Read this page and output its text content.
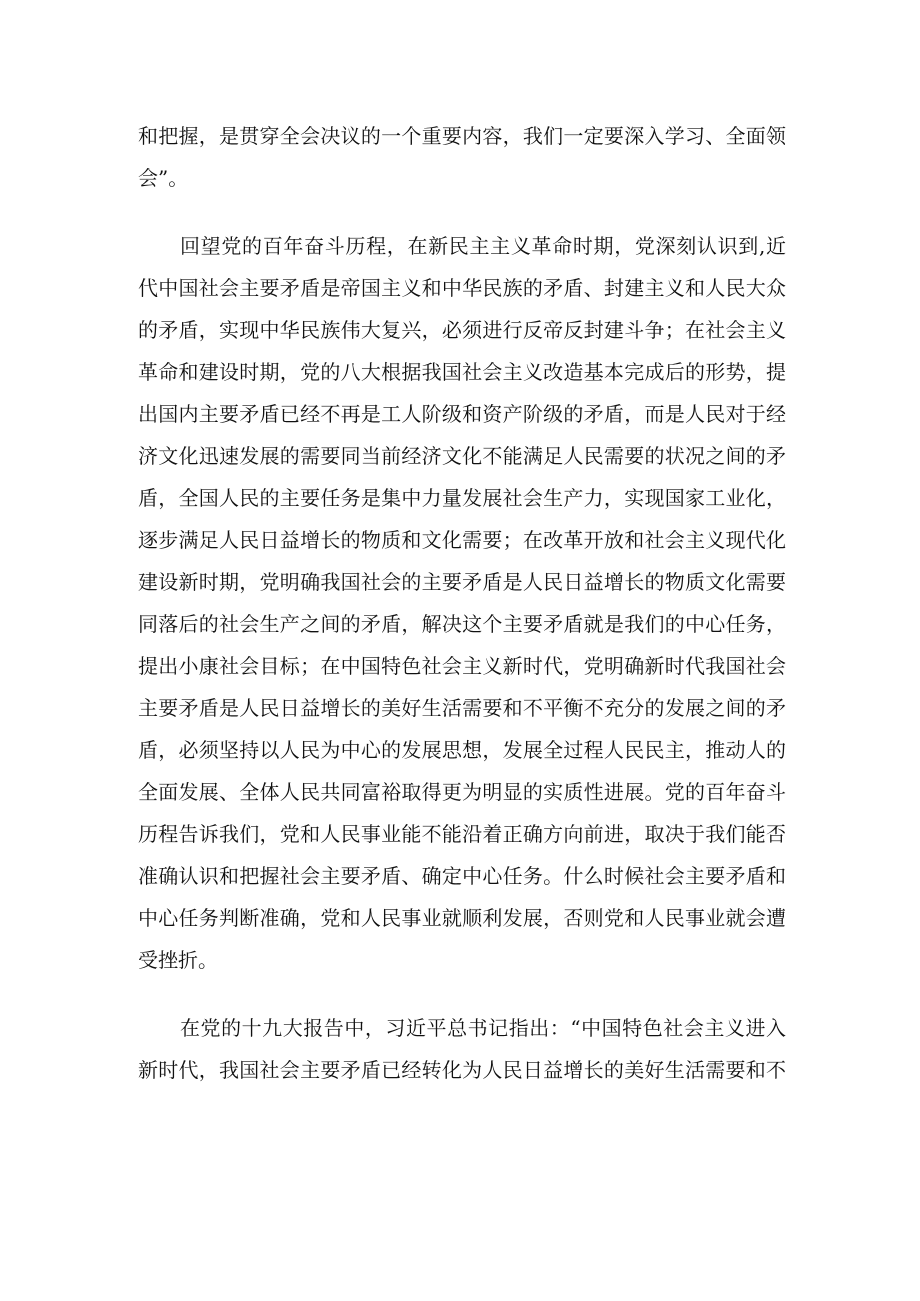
和把握，是贯穿全会决议的一个重要内容，我们一定要深入学习、全面领
会”。
回望党的百年奋斗历程，在新民主主义革命时期，党深刻认识到,近
代中国社会主要矛盾是帝国主义和中华民族的矛盾、封建主义和人民大众
的矛盾，实现中华民族伟大复兴，必须进行反帝反封建斗争；在社会主义
革命和建设时期，党的八大根据我国社会主义改造基本完成后的形势，提
出国内主要矛盾已经不再是工人阶级和资产阶级的矛盾，而是人民对于经
济文化迅速发展的需要同当前经济文化不能满足人民需要的状况之间的矛
盾，全国人民的主要任务是集中力量发展社会生产力，实现国家工业化，
逐步满足人民日益增长的物质和文化需要；在改革开放和社会主义现代化
建设新时期，党明确我国社会的主要矛盾是人民日益增长的物质文化需要
同落后的社会生产之间的矛盾，解决这个主要矛盾就是我们的中心任务，
提出小康社会目标；在中国特色社会主义新时代，党明确新时代我国社会
主要矛盾是人民日益增长的美好生活需要和不平衡不充分的发展之间的矛
盾，必须坚持以人民为中心的发展思想，发展全过程人民民主，推动人的
全面发展、全体人民共同富裕取得更为明显的实质性进展。党的百年奋斗
历程告诉我们，党和人民事业能不能沿着正确方向前进，取决于我们能否
准确认识和把握社会主要矛盾、确定中心任务。什么时候社会主要矛盾和
中心任务判断准确，党和人民事业就顺利发展，否则党和人民事业就会遭
受挫折。
在党的十九大报告中，习近平总书记指出：“中国特色社会主义进入
新时代，我国社会主要矛盾已经转化为人民日益增长的美好生活需要和不
